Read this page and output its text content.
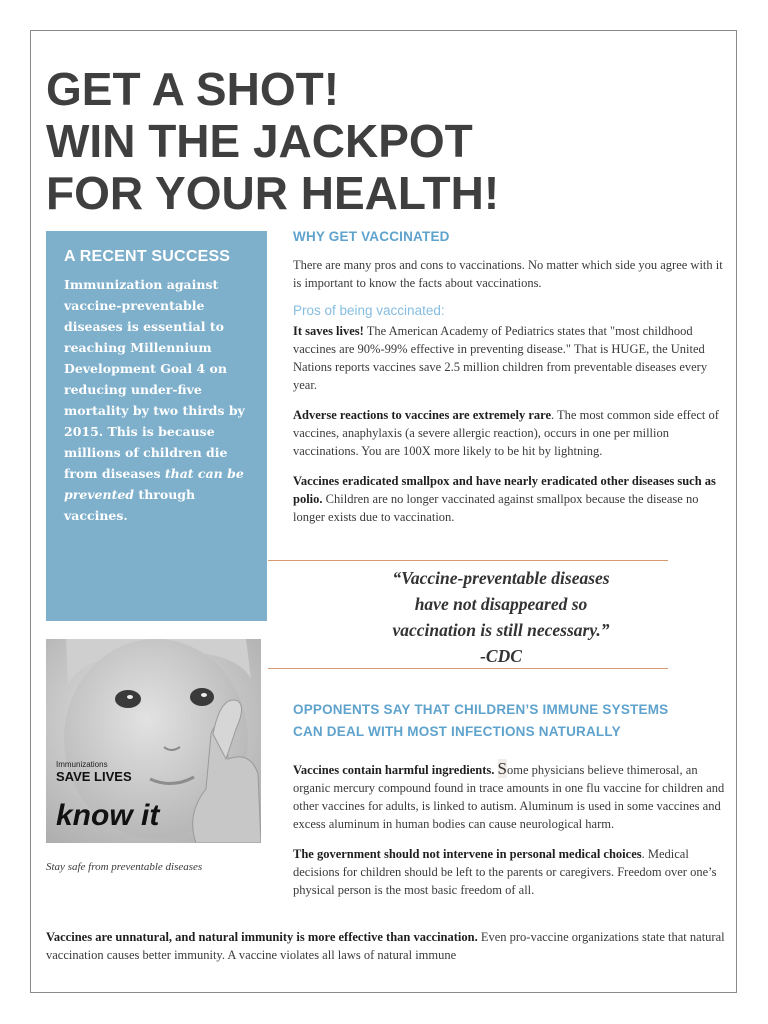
GET A SHOT!
WIN THE JACKPOT
FOR YOUR HEALTH!
A RECENT SUCCESS

Immunization against vaccine-preventable diseases is essential to reaching Millennium Development Goal 4 on reducing under-five mortality by two thirds by 2015. This is because millions of children die from diseases that can be prevented through vaccines.

Immunizations
SAVE LIVES
know it

Stay safe from preventable diseases

WHY GET VACCINATED

There are many pros and cons to vaccinations. No matter which side you agree with it is important to know the facts about vaccinations.

Pros of being vaccinated:

It saves lives! The American Academy of Pediatrics states that "most childhood vaccines are 90%-99% effective in preventing disease." That is HUGE, the United Nations reports vaccines save 2.5 million children from preventable diseases every year.

Adverse reactions to vaccines are extremely rare. The most common side effect of vaccines, anaphylaxis (a severe allergic reaction), occurs in one per million vaccinations. You are 100X more likely to be hit by lightning.

Vaccines eradicated smallpox and have nearly eradicated other diseases such as polio. Children are no longer vaccinated against smallpox because the disease no longer exists due to vaccination.

“Vaccine-preventable diseases
have not disappeared so
vaccination is still necessary.”
-CDC

OPPONENTS SAY THAT CHILDREN’S IMMUNE SYSTEMS
CAN DEAL WITH MOST INFECTIONS NATURALLY

Vaccines contain harmful ingredients. Some physicians believe thimerosal, an organic mercury compound found in trace amounts in one flu vaccine for children and other vaccines for adults, is linked to autism. Aluminum is used in some vaccines and excess aluminum in human bodies can cause neurological harm.

The government should not intervene in personal medical choices. Medical decisions for children should be left to the parents or caregivers. Freedom over one’s physical person is the most basic freedom of all.

Vaccines are unnatural, and natural immunity is more effective than vaccination. Even pro-vaccine organizations state that natural vaccination causes better immunity. A vaccine violates all laws of natural immune
